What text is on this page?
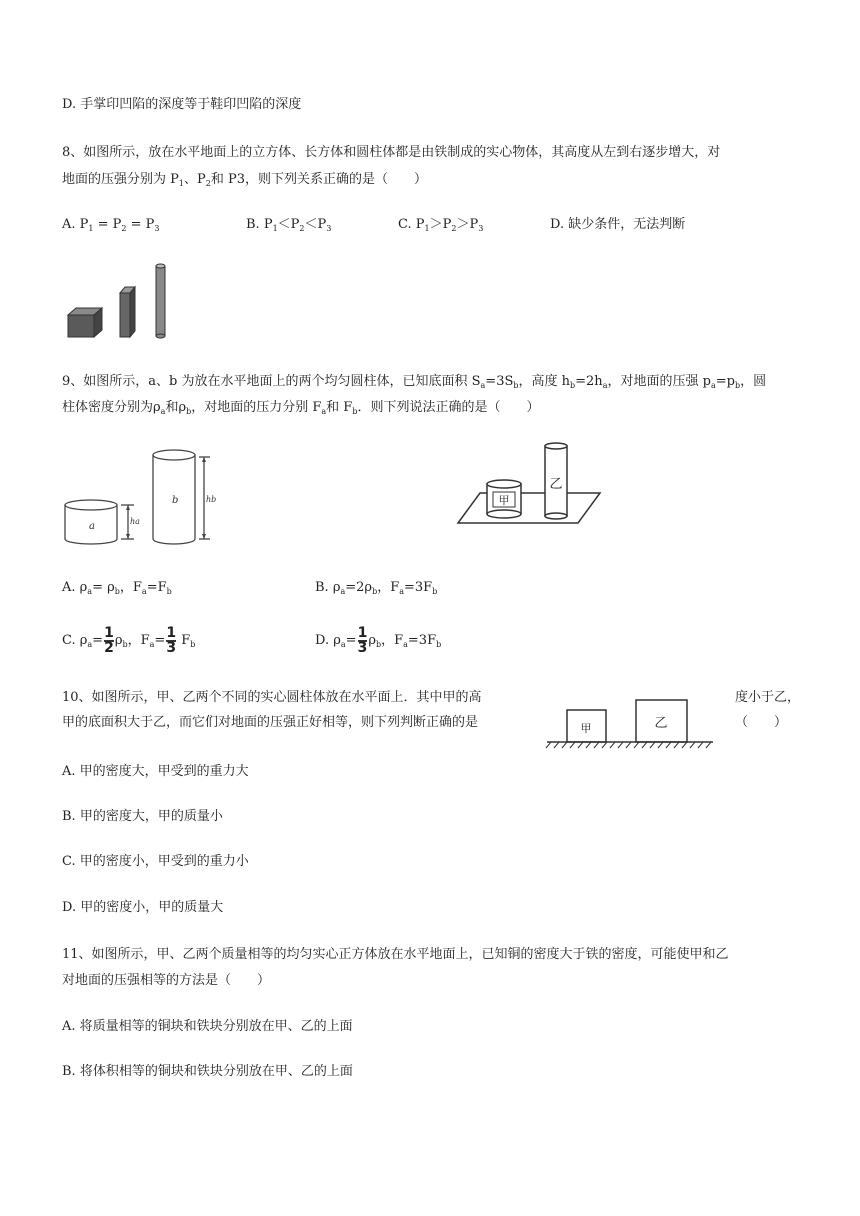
D. 手掌印凹陷的深度等于鞋印凹陷的深度
8、如图所示，放在水平地面上的立方体、长方体和圆柱体都是由铁制成的实心物体，其高度从左到右逐步增大，对
地面的压强分别为 $P_1$、$P_2$和 P3，则下列关系正确的是（　　）
A. $P_1 = P_2 = P_3$	B. $P_1<P_2<P_3$	C. $P_1>P_2>P_3$	D. 缺少条件，无法判断
9、如图所示，a、b 为放在水平地面上的两个均匀圆柱体，已知底面积 $S_a=3S_b$，高度 $h_b=2h_a$，对地面的压强 $p_a=p_b$，圆
柱体密度分别为$\rho_a$和$\rho_b$，对地面的压力分别 $F_a$和 $F_b$．则下列说法正确的是（　　）
a
b
ha
hb	甲
乙
A. $\rho_a= \rho_b$，$F_a=F_b$	B. $\rho_a=2\rho_b$，$F_a=3F_b$
C. $\rho_a= \frac{1}{2} \rho_b$，$F_a= \frac{1}{3} F_b$	D. $\rho_a= \frac{1}{3} \rho_b$，$F_a=3F_b$
10、如图所示，甲、乙两个不同的实心圆柱体放在水平面上．其中甲的高	度小于乙，
甲的底面积大于乙，而它们对地面的压强正好相等，则下列判断正确的是	（　　）
甲	乙
A. 甲的密度大，甲受到的重力大
B. 甲的密度大，甲的质量小
C. 甲的密度小，甲受到的重力小
D. 甲的密度小，甲的质量大
11、如图所示，甲、乙两个质量相等的均匀实心正方体放在水平地面上，已知铜的密度大于铁的密度，可能使甲和乙
对地面的压强相等的方法是（　　）
A. 将质量相等的铜块和铁块分别放在甲、乙的上面
B. 将体积相等的铜块和铁块分别放在甲、乙的上面
